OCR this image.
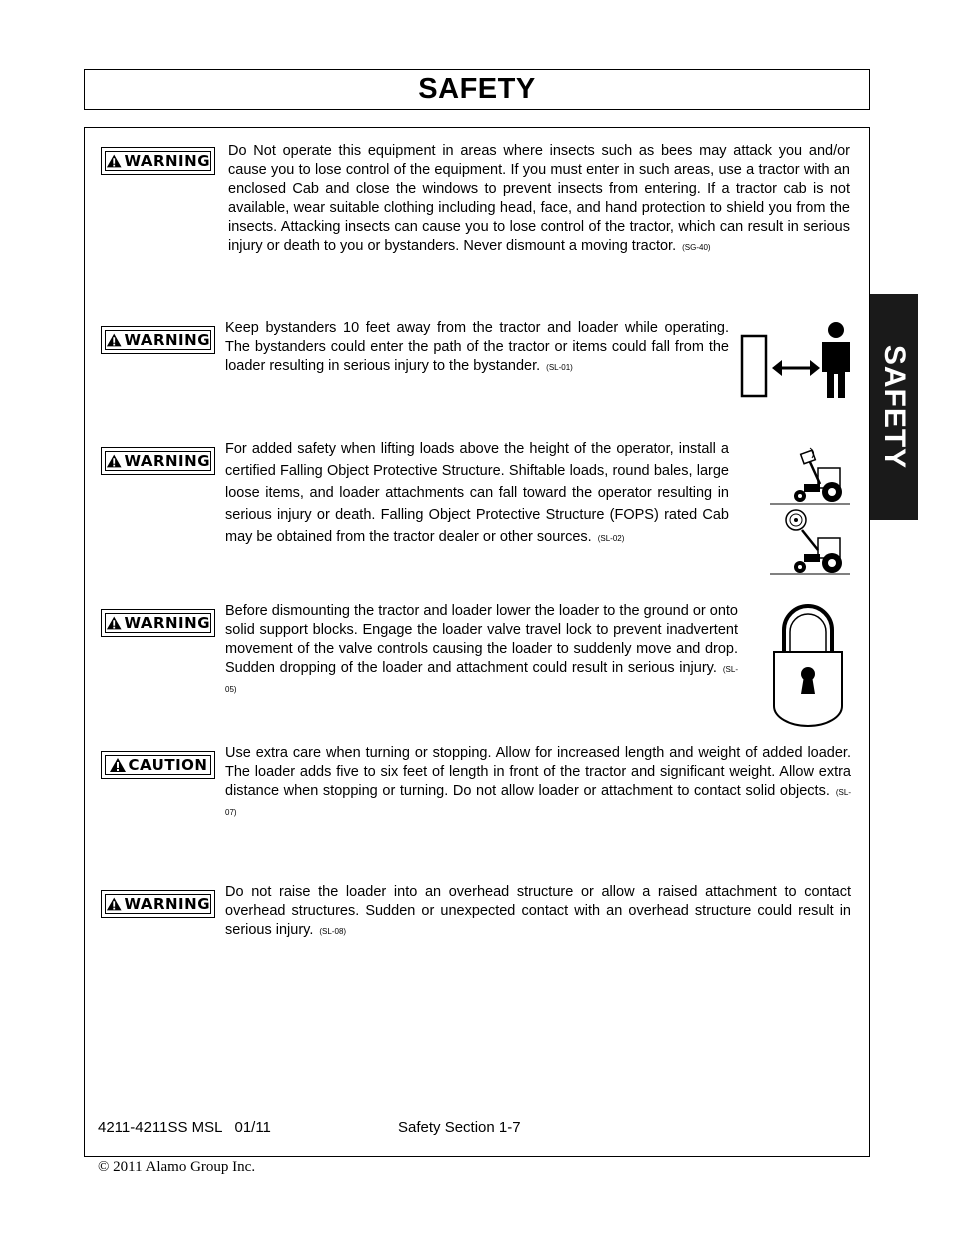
SAFETY
SAFETY
WARNING
Do Not operate this equipment in areas where insects such as bees may attack you and/or cause you to lose control of the equipment. If you must enter in such areas, use a tractor with an enclosed Cab and close the windows to prevent insects from entering. If a tractor cab is not available, wear suitable clothing including head, face, and hand protection to shield you from the insects. Attacking insects can cause you to lose control of the tractor, which can result in serious injury or death to you or bystanders. Never dismount a moving tractor. (SG-40)
WARNING
Keep bystanders 10 feet away from the tractor and loader while operating. The bystanders could enter the path of the tractor or items could fall from the loader resulting in serious injury to the bystander. (SL-01)
WARNING
For added safety when lifting loads above the height of the operator, install a certified Falling Object Protective Structure. Shiftable loads, round bales, large loose items, and loader attachments can fall toward the operator resulting in serious injury or death. Falling Object Protective Structure (FOPS) rated Cab may be obtained from the tractor dealer or other sources. (SL-02)
WARNING
Before dismounting the tractor and loader lower the loader to the ground or onto solid support blocks. Engage the loader valve travel lock to prevent inadvertent movement of the valve controls causing the loader to suddenly move and drop. Sudden dropping of the loader and attachment could result in serious injury. (SL-05)
CAUTION
Use extra care when turning or stopping. Allow for increased length and weight of added loader. The loader adds five to six feet of length in front of the tractor and significant weight. Allow extra distance when stopping or turning. Do not allow loader or attachment to contact solid objects. (SL-07)
WARNING
Do not raise the loader into an overhead structure or allow a raised attachment to contact overhead structures. Sudden or unexpected contact with an overhead structure could result in serious injury. (SL-08)
4211-4211SS MSL   01/11	Safety Section 1-7
© 2011 Alamo Group Inc.
